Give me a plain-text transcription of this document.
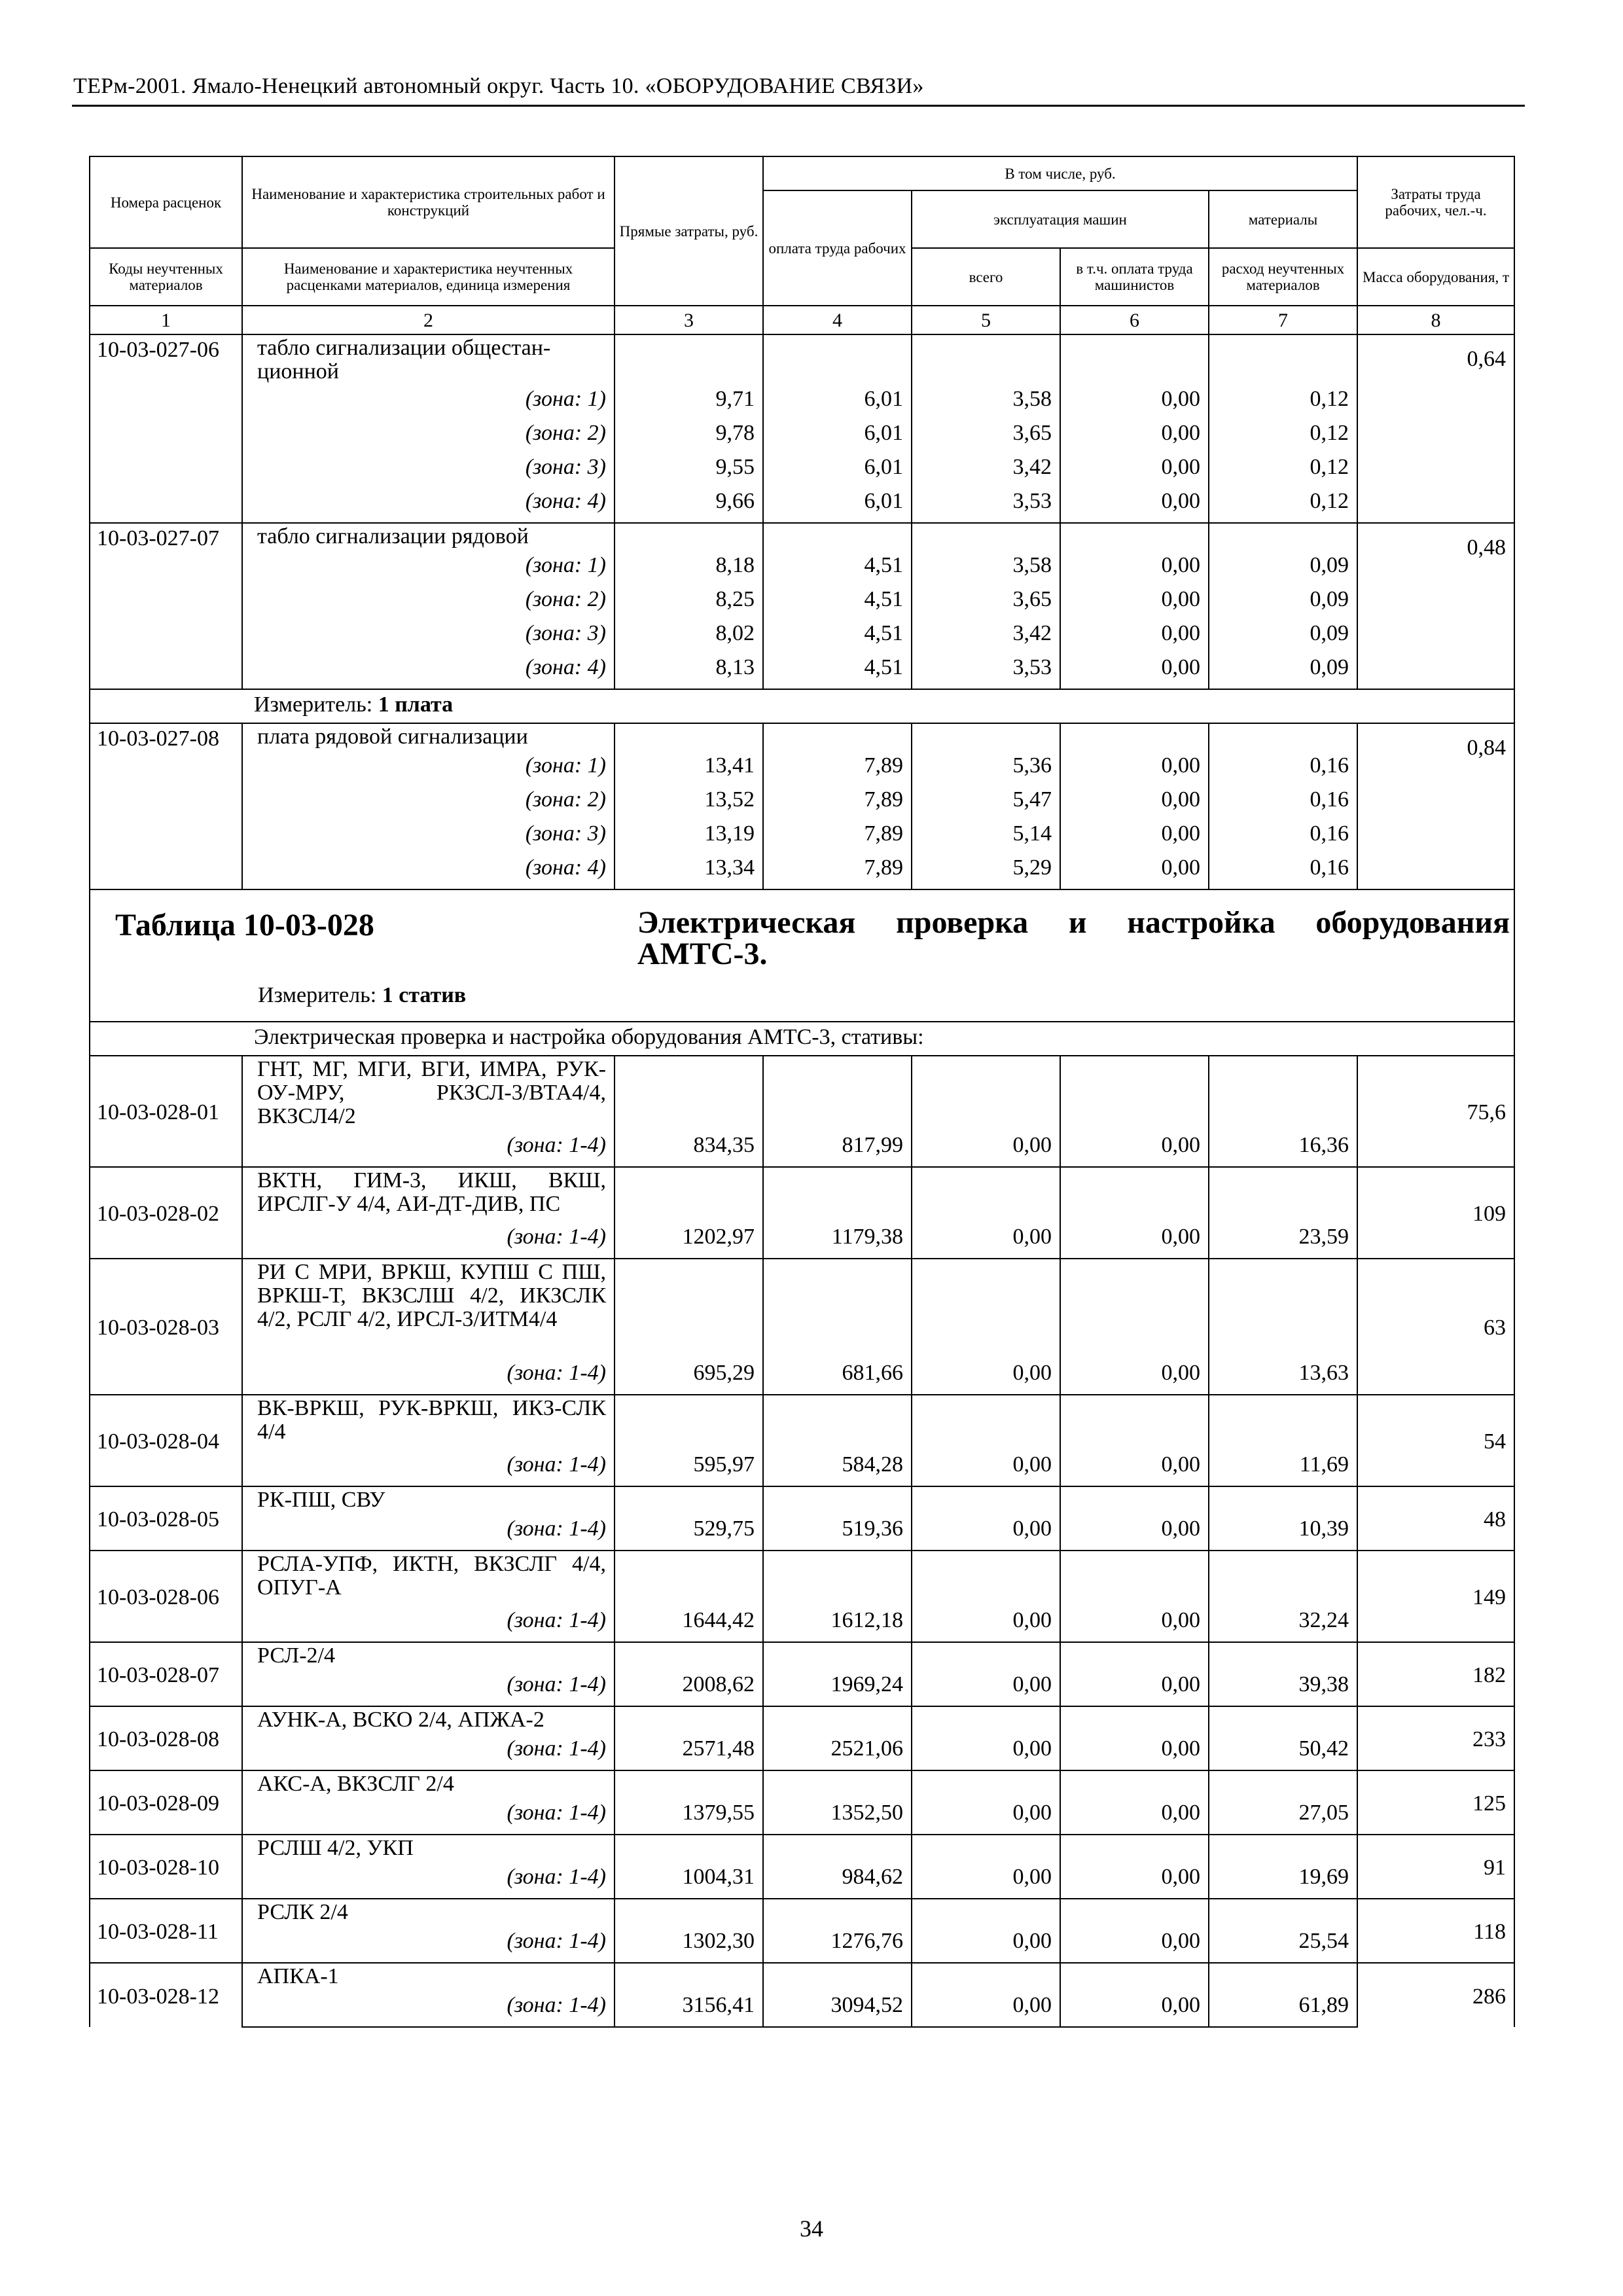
ТЕРм-2001. Ямало-Ненецкий автономный округ. Часть 10. «ОБОРУДОВАНИЕ СВЯЗИ»
Номера расценок	Наименование и характеристика строительных работ и конструкций	Прямые затраты, руб.	В том числе, руб.				Затраты труда рабочих, чел.-ч.
			оплата труда рабочих	эксплуатация машин		материалы	

Коды неучтенных материалов	Наименование и характеристика неучтенных расценками материалов, единица измерения			всего	в т.ч. оплата труда машинистов	расход неучтенных материалов	Масса оборудования, т

1	2	3	4	5	6	7	8
10-03-027-06	табло сигнализации общестан-ционной						0,64
	(зона: 1)	9,71	6,01	3,58	0,00	0,12	
	(зона: 2)	9,78	6,01	3,65	0,00	0,12	
	(зона: 3)	9,55	6,01	3,42	0,00	0,12	
	(зона: 4)	9,66	6,01	3,53	0,00	0,12	
10-03-027-07	табло сигнализации рядовой						0,48
	(зона: 1)	8,18	4,51	3,58	0,00	0,09	
	(зона: 2)	8,25	4,51	3,65	0,00	0,09	
	(зона: 3)	8,02	4,51	3,42	0,00	0,09	
	(зона: 4)	8,13	4,51	3,53	0,00	0,09	
Измеритель: 1 плата							
10-03-027-08	плата рядовой сигнализации						0,84
	(зона: 1)	13,41	7,89	5,36	0,00	0,16	
	(зона: 2)	13,52	7,89	5,47	0,00	0,16	
	(зона: 3)	13,19	7,89	5,14	0,00	0,16	
	(зона: 4)	13,34	7,89	5,29	0,00	0,16	

Таблица 10-03-028 Электрическая проверка и настройка оборудования АМТС-3.
Измеритель: 1 статив							

Электрическая проверка и настройка оборудования АМТС-3, стативы:							
10-03-028-01	ГНТ, МГ, МГИ, ВГИ, ИМРА, РУК-ОУ-МРУ, РКЗСЛ-3/ВТА4/4, ВКЗСЛ4/2						75,6
	(зона: 1-4)	834,35	817,99	0,00	0,00	16,36	
10-03-028-02	ВКТН, ГИМ-3, ИКШ, ВКШ, ИРСЛГ-У 4/4, АИ-ДТ-ДИВ, ПС						109
	(зона: 1-4)	1202,97	1179,38	0,00	0,00	23,59	
10-03-028-03	РИ С МРИ, ВРКШ, КУПШ С ПШ, ВРКШ-Т, ВКЗСЛШ 4/2, ИКЗСЛК 4/2, РСЛГ 4/2, ИРСЛ-3/ИТМ4/4						63
	(зона: 1-4)	695,29	681,66	0,00	0,00	13,63	
10-03-028-04	ВК-ВРКШ, РУК-ВРКШ, ИКЗ-СЛК 4/4						54
	(зона: 1-4)	595,97	584,28	0,00	0,00	11,69	
10-03-028-05	РК-ПШ, СВУ						48
	(зона: 1-4)	529,75	519,36	0,00	0,00	10,39	
10-03-028-06	РСЛА-УПФ, ИКТН, ВКЗСЛГ 4/4, ОПУГ-А						149
	(зона: 1-4)	1644,42	1612,18	0,00	0,00	32,24	
10-03-028-07	РСЛ-2/4						182
	(зона: 1-4)	2008,62	1969,24	0,00	0,00	39,38	
10-03-028-08	АУНК-А, ВСКО 2/4, АПЖА-2						233
	(зона: 1-4)	2571,48	2521,06	0,00	0,00	50,42	
10-03-028-09	АКС-А, ВКЗСЛГ 2/4						125
	(зона: 1-4)	1379,55	1352,50	0,00	0,00	27,05	
10-03-028-10	РСЛШ 4/2, УКП						91
	(зона: 1-4)	1004,31	984,62	0,00	0,00	19,69	
10-03-028-11	РСЛК 2/4						118
	(зона: 1-4)	1302,30	1276,76	0,00	0,00	25,54	
10-03-028-12	АПКА-1						286
	(зона: 1-4)	3156,41	3094,52	0,00	0,00	61,89	
34
